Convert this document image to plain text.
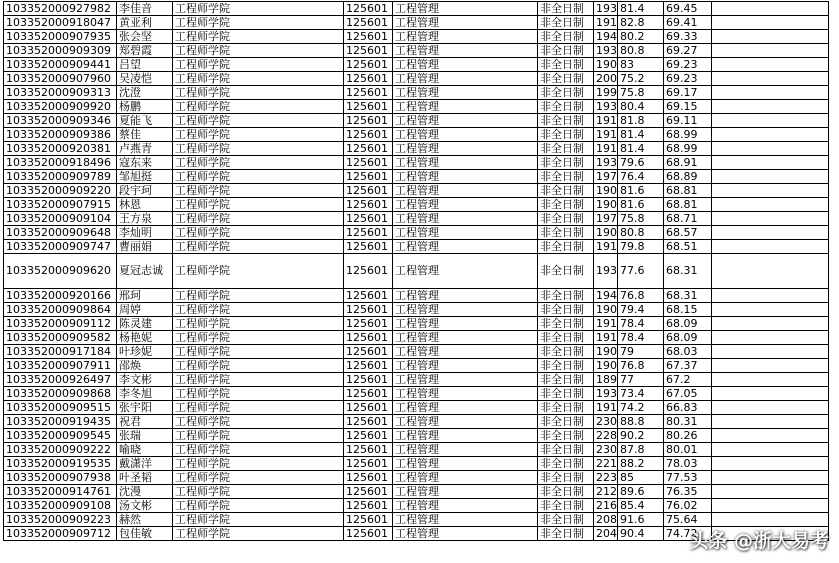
103352000927982	李佳音	工程师学院	125601	工程管理	非全日制	193	81.4	69.45	
103352000918047	黄亚利	工程师学院	125601	工程管理	非全日制	191	82.8	69.41	
103352000907935	张会坚	工程师学院	125601	工程管理	非全日制	194	80.2	69.33	
103352000909309	郑碧霞	工程师学院	125601	工程管理	非全日制	193	80.8	69.27	
103352000909441	吕望	工程师学院	125601	工程管理	非全日制	190	83	69.23	
103352000907960	吴凌恺	工程师学院	125601	工程管理	非全日制	200	75.2	69.23	
103352000909313	沈澄	工程师学院	125601	工程管理	非全日制	199	75.8	69.17	
103352000909920	杨鹏	工程师学院	125601	工程管理	非全日制	193	80.4	69.15	
103352000909346	夏能飞	工程师学院	125601	工程管理	非全日制	191	81.8	69.11	
103352000909386	蔡佳	工程师学院	125601	工程管理	非全日制	191	81.4	68.99	
103352000920381	卢燕青	工程师学院	125601	工程管理	非全日制	191	81.4	68.99	
103352000918496	寇东来	工程师学院	125601	工程管理	非全日制	193	79.6	68.91	
103352000909789	邹旭挺	工程师学院	125601	工程管理	非全日制	197	76.4	68.89	
103352000909220	段宇珂	工程师学院	125601	工程管理	非全日制	190	81.6	68.81	
103352000907915	林恩	工程师学院	125601	工程管理	非全日制	190	81.6	68.81	
103352000909104	王方泉	工程师学院	125601	工程管理	非全日制	197	75.8	68.71	
103352000909648	李灿明	工程师学院	125601	工程管理	非全日制	190	80.8	68.57	
103352000909747	曹丽娟	工程师学院	125601	工程管理	非全日制	191	79.8	68.51	
103352000909620	夏冠志诚	工程师学院	125601	工程管理	非全日制	193	77.6	68.31	
103352000920166	邢珂	工程师学院	125601	工程管理	非全日制	194	76.8	68.31	
103352000909864	周婷	工程师学院	125601	工程管理	非全日制	190	79.4	68.15	
103352000909112	陈灵建	工程师学院	125601	工程管理	非全日制	191	78.4	68.09	
103352000909582	杨艳妮	工程师学院	125601	工程管理	非全日制	191	78.4	68.09	
103352000917184	叶珍妮	工程师学院	125601	工程管理	非全日制	190	79	68.03	
103352000907911	邵焕	工程师学院	125601	工程管理	非全日制	190	76.8	67.37	
103352000926497	李文彬	工程师学院	125601	工程管理	非全日制	189	77	67.2	
103352000909868	李冬旭	工程师学院	125601	工程管理	非全日制	193	73.4	67.05	
103352000909515	张宇阳	工程师学院	125601	工程管理	非全日制	191	74.2	66.83	
103352000919435	祝君	工程师学院	125601	工程管理	非全日制	230	88.8	80.31	
103352000909545	张瑞	工程师学院	125601	工程管理	非全日制	228	90.2	80.26	
103352000909222	喻晓	工程师学院	125601	工程管理	非全日制	230	87.8	80.01	
103352000919535	戴潇洋	工程师学院	125601	工程管理	非全日制	221	88.2	78.03	
103352000907938	叶圣韬	工程师学院	125601	工程管理	非全日制	223	85	77.53	
103352000914761	沈漫	工程师学院	125601	工程管理	非全日制	212	89.6	76.35	
103352000909108	汤文彬	工程师学院	125601	工程管理	非全日制	216	85.4	76.02	
103352000909223	赫然	工程师学院	125601	工程管理	非全日制	208	91.6	75.64	
103352000909712	包佳敏	工程师学院	125601	工程管理	非全日制	204	90.4	74.72	
头条 @浙大易考
